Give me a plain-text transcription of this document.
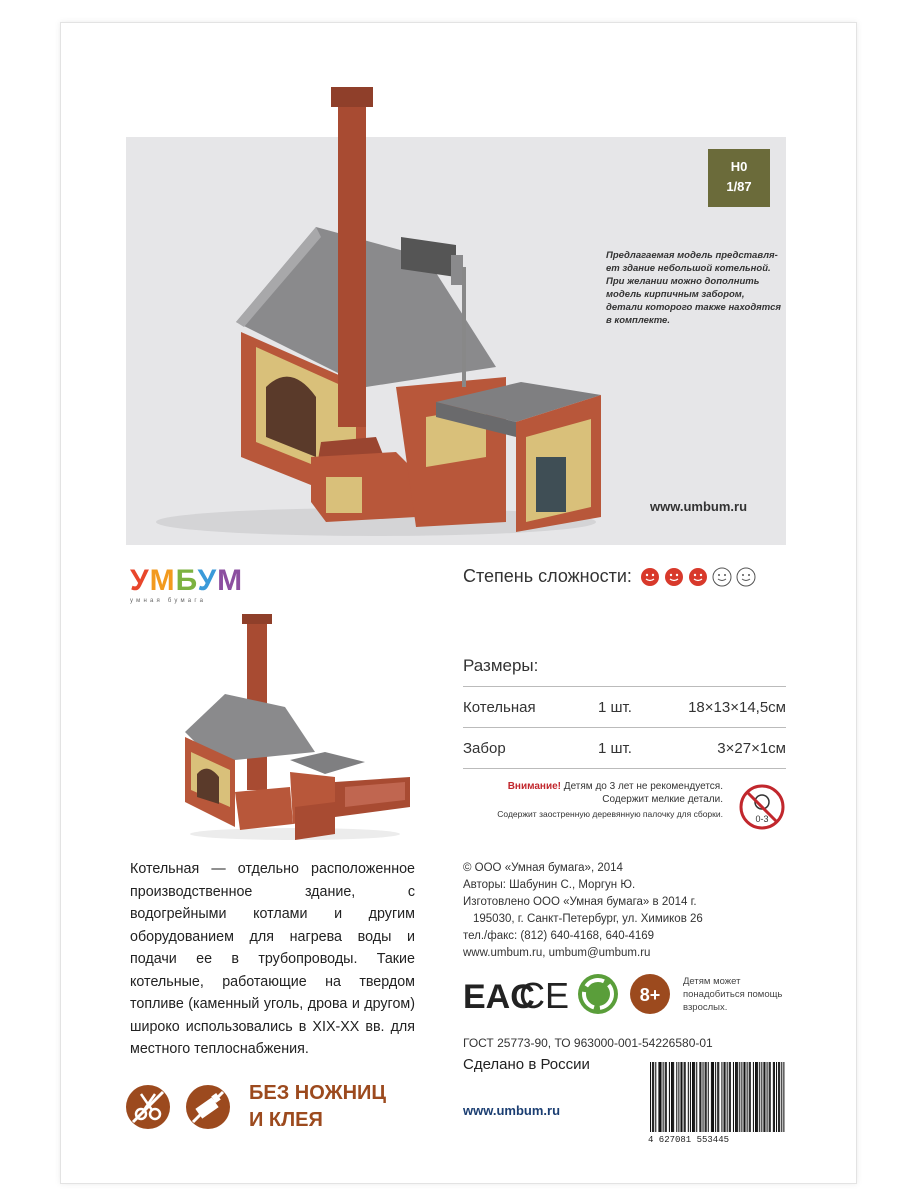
H0
1/87
Предлагаемая модель представля-ет здание небольшой котельной. При желании можно дополнить модель кирпичным забором, детали которого также находятся в комплекте.
www.umbum.ru
УМБУМ
умная бумага
Степень сложности:
Размеры:
Котельная	1 шт.	18×13×14,5см
Забор	1 шт.	3×27×1см
Внимание! Детям до 3 лет не рекомендуется.
Содержит мелкие детали.
Содержит заостренную деревянную палочку для сборки.	0-3
Котельная — отдельно расположенное производственное здание, с водогрейными котлами и другим оборудованием для нагрева воды и подачи ее в трубопроводы. Такие котельные, работающие на твердом топливе (каменный уголь, дрова и другом) широко использовались в XIX-XX вв. для местного теплоснабжения.
© ООО «Умная бумага», 2014
Авторы: Шабунин С., Моргун Ю.
Изготовлено ООО «Умная бумага» в 2014 г.
195030, г. Санкт-Петербург, ул. Химиков 26
тел./факс: (812) 640-4168, 640-4169
www.umbum.ru, umbum@umbum.ru
EAC
CE	8+
Детям может понадобиться помощь взрослых.
ГОСТ 25773-90, ТО 963000-001-54226580-01
Сделано в России
www.umbum.ru
4 627081 553445
БЕЗ НОЖНИЦ
И КЛЕЯ
